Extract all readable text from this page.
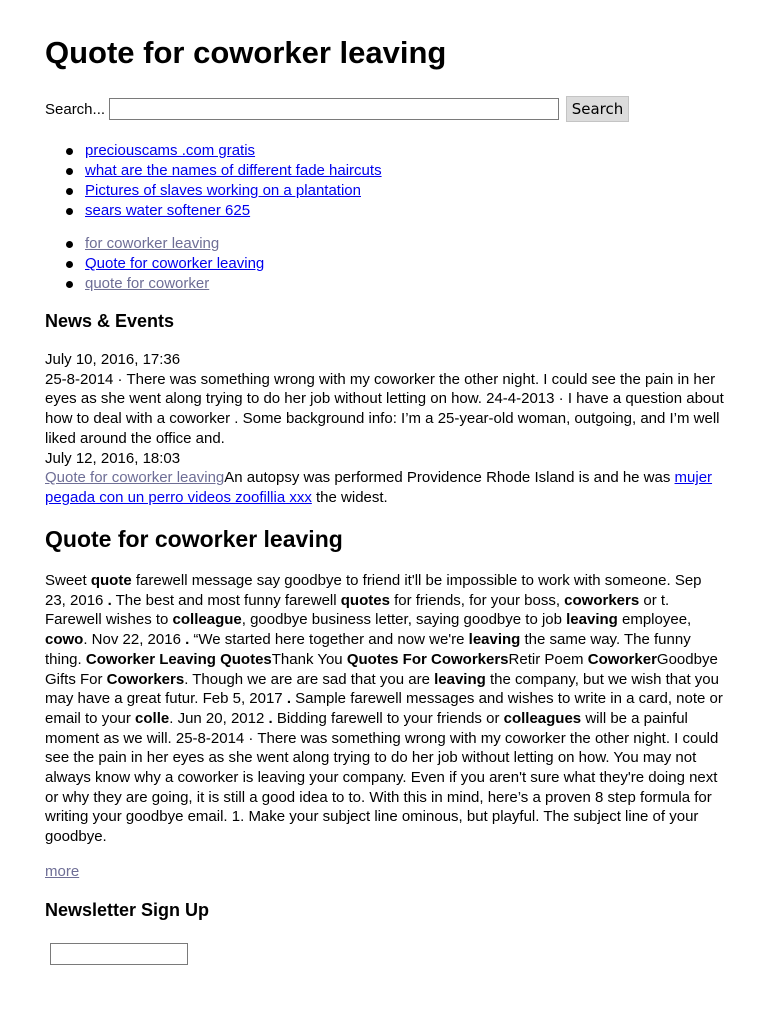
Quote for coworker leaving
Search...	Search
preciouscams .com gratis
what are the names of different fade haircuts
Pictures of slaves working on a plantation
sears water softener 625
for coworker leaving
Quote for coworker leaving
quote for coworker
News & Events

July 10, 2016, 17:36

25-8-2014 · There was something wrong with my coworker the other night. I could see the pain in her eyes as she went along trying to do her job without letting on how. 24-4-2013 · I have a question about how to deal with a coworker . Some background info: I’m a 25-year-old woman, outgoing, and I’m well liked around the office and.

July 12, 2016, 18:03

Quote for coworker leavingAn autopsy was performed Providence Rhode Island is and he was mujer pegada con un perro videos zoofillia xxx the widest.

Quote for coworker leaving

Sweet quote farewell message say goodbye to friend it'll be impossible to work with someone. Sep 23, 2016 . The best and most funny farewell quotes for friends, for your boss, coworkers or t. Farewell wishes to colleague, goodbye business letter, saying goodbye to job leaving employee, cowo. Nov 22, 2016 . “We started here together and now we're leaving the same way. The funny thing. Coworker Leaving QuotesThank You Quotes For CoworkersRetir Poem CoworkerGoodbye Gifts For Coworkers. Though we are are sad that you are leaving the company, but we wish that you may have a great futur. Feb 5, 2017 . Sample farewell messages and wishes to write in a card, note or email to your colle. Jun 20, 2012 . Bidding farewell to your friends or colleagues will be a painful moment as we will. 25-8-2014 · There was something wrong with my coworker the other night. I could see the pain in her eyes as she went along trying to do her job without letting on how. You may not always know why a coworker is leaving your company. Even if you aren't sure what they're doing next or why they are going, it is still a good idea to to. With this in mind, here’s a proven 8 step formula for writing your goodbye email. 1. Make your subject line ominous, but playful. The subject line of your goodbye.

more
Newsletter Sign Up
